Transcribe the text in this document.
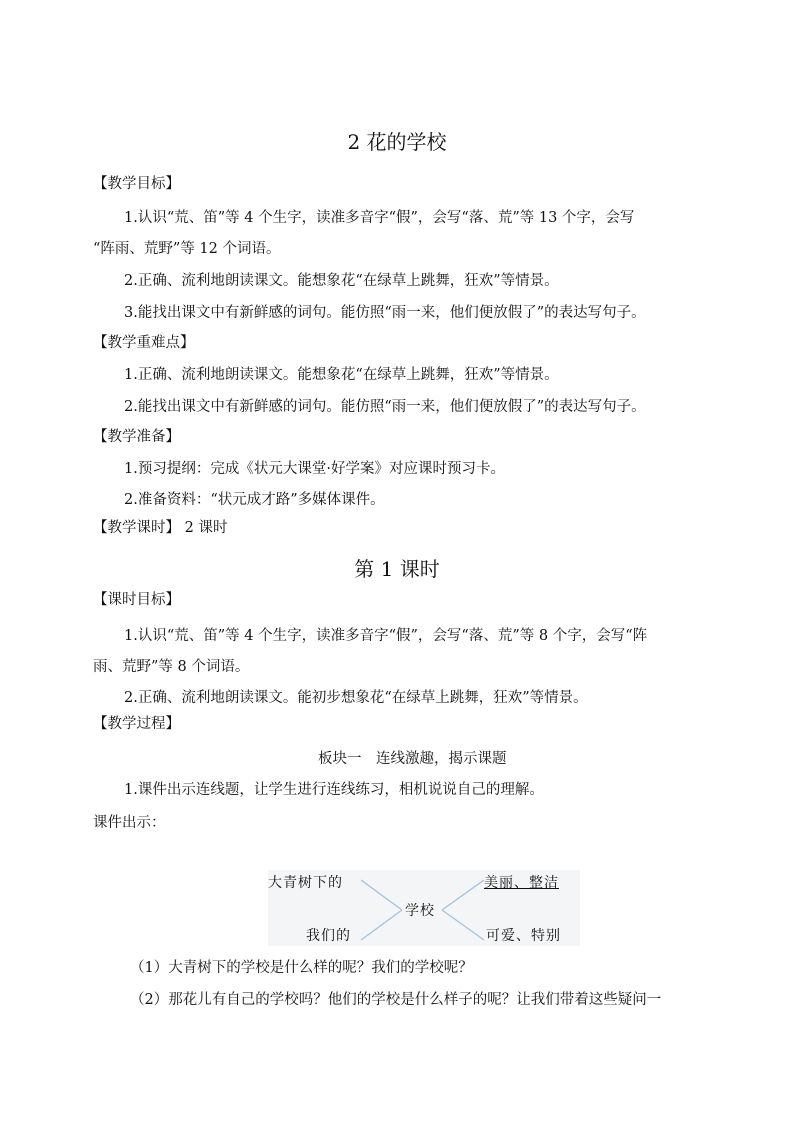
2 花的学校
【教学目标】
1.认识“荒、笛”等 4 个生字，读准多音字“假”，会写“落、荒”等 13 个字，会写
“阵雨、荒野”等 12 个词语。
2.正确、流利地朗读课文。能想象花“在绿草上跳舞，狂欢”等情景。
3.能找出课文中有新鲜感的词句。能仿照“雨一来，他们便放假了”的表达写句子。
【教学重难点】
1.正确、流利地朗读课文。能想象花“在绿草上跳舞，狂欢”等情景。
2.能找出课文中有新鲜感的词句。能仿照“雨一来，他们便放假了”的表达写句子。
【教学准备】
1.预习提纲：完成《状元大课堂·好学案》对应课时预习卡。
2.准备资料：“状元成才路”多媒体课件。
【教学课时】 2 课时
第 1 课时
【课时目标】
1.认识“荒、笛”等 4 个生字，读准多音字“假”，会写“落、荒”等 8 个字，会写“阵
雨、荒野”等 8 个词语。
2.正确、流利地朗读课文。能初步想象花“在绿草上跳舞，狂欢”等情景。
【教学过程】
板块一　连线激趣，揭示课题
1.课件出示连线题，让学生进行连线练习，相机说说自己的理解。
课件出示：
大青树下的
我们的
学校
美丽、整洁
可爱、特别
（1）大青树下的学校是什么样的呢？我们的学校呢？
（2）那花儿有自己的学校吗？他们的学校是什么样子的呢？让我们带着这些疑问一
